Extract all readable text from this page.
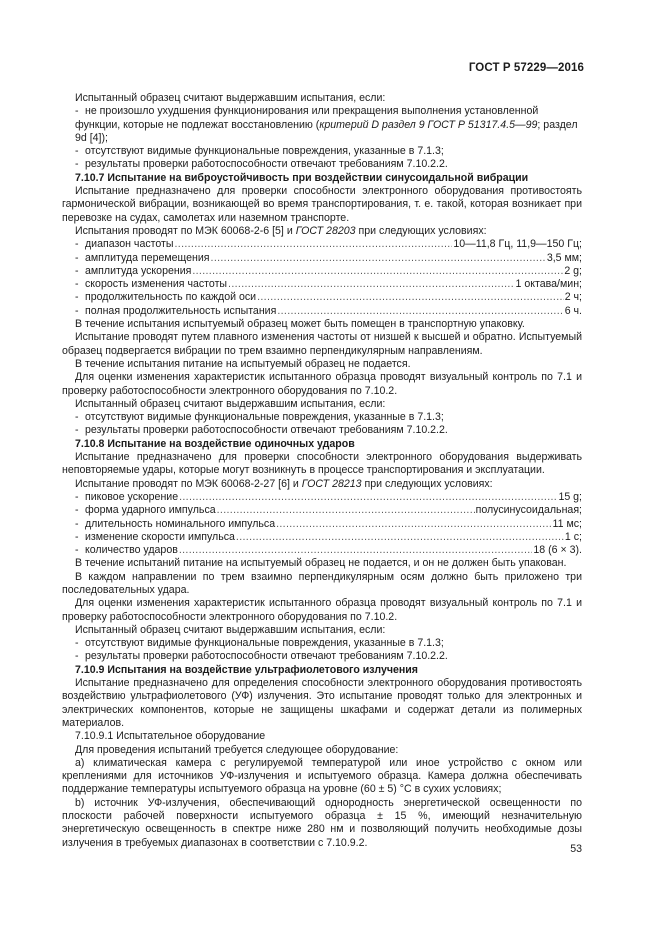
ГОСТ Р 57229—2016

Испытанный образец считают выдержавшим испытания, если:

- не произошло ухудшения функционирования или прекращения выполнения установленной функции, которые не подлежат восстановлению (критерий D раздел 9 ГОСТ Р 51317.4.5—99; раздел 9d [4]);

- отсутствуют видимые функциональные повреждения, указанные в 7.1.3;

- результаты проверки работоспособности отвечают требованиям 7.10.2.2.

7.10.7 Испытание на виброустойчивость при воздействии синусоидальной вибрации

Испытание предназначено для проверки способности электронного оборудования противостоять гармонической вибрации, возникающей во время транспортирования, т. е. такой, которая возникает при перевозке на судах, самолетах или наземном транспорте.

Испытания проводят по МЭК 60068-2-6 [5] и ГОСТ 28203 при следующих условиях:

- диапазон частоты . . .	10—11,8 Гц, 11,9—150 Гц;
- амплитуда перемещения . . .	3,5 мм;
- амплитуда ускорения . . .	2 g;
- скорость изменения частоты . . .	1 октава/мин;
- продолжительность по каждой оси . . .	2 ч;
- полная продолжительность испытания . . .	6 ч.

В течение испытания испытуемый образец может быть помещен в транспортную упаковку.

Испытание проводят путем плавного изменения частоты от низшей к высшей и обратно. Испытуемый образец подвергается вибрации по трем взаимно перпендикулярным направлениям.

В течение испытания питание на испытуемый образец не подается.

Для оценки изменения характеристик испытанного образца проводят визуальный контроль по 7.1 и проверку работоспособности электронного оборудования по 7.10.2.

Испытанный образец считают выдержавшим испытания, если:

- отсутствуют видимые функциональные повреждения, указанные в 7.1.3;

- результаты проверки работоспособности отвечают требованиям 7.10.2.2.

7.10.8 Испытание на воздействие одиночных ударов

Испытание предназначено для проверки способности электронного оборудования выдерживать неповторяемые удары, которые могут возникнуть в процессе транспортирования и эксплуатации.

Испытание проводят по МЭК 60068-2-27 [6] и ГОСТ 28213 при следующих условиях:

- пиковое ускорение . . .	15 g;
- форма ударного импульса . . .	полусинусоидальная;
- длительность номинального импульса . . .	11 мс;
- изменение скорости импульса . . .	1 с;
- количество ударов . . .	18 (6 × 3).

В течение испытаний питание на испытуемый образец не подается, и он не должен быть упакован.

В каждом направлении по трем взаимно перпендикулярным осям должно быть приложено три последовательных удара.

Для оценки изменения характеристик испытанного образца проводят визуальный контроль по 7.1 и проверку работоспособности электронного оборудования по 7.10.2.

Испытанный образец считают выдержавшим испытания, если:

- отсутствуют видимые функциональные повреждения, указанные в 7.1.3;

- результаты проверки работоспособности отвечают требованиям 7.10.2.2.

7.10.9 Испытания на воздействие ультрафиолетового излучения

Испытание предназначено для определения способности электронного оборудования противостоять воздействию ультрафиолетового (УФ) излучения. Это испытание проводят только для электронных и электрических компонентов, которые не защищены шкафами и содержат детали из полимерных материалов.

7.10.9.1 Испытательное оборудование

Для проведения испытаний требуется следующее оборудование:

a) климатическая камера с регулируемой температурой или иное устройство с окном или креплениями для источников УФ-излучения и испытуемого образца. Камера должна обеспечивать поддержание температуры испытуемого образца на уровне (60 ± 5) °С в сухих условиях;

b) источник УФ-излучения, обеспечивающий однородность энергетической освещенности по плоскости рабочей поверхности испытуемого образца ± 15 %, имеющий незначительную энергетическую освещенность в спектре ниже 280 нм и позволяющий получить необходимые дозы излучения в требуемых диапазонах в соответствии с 7.10.9.2.

53
